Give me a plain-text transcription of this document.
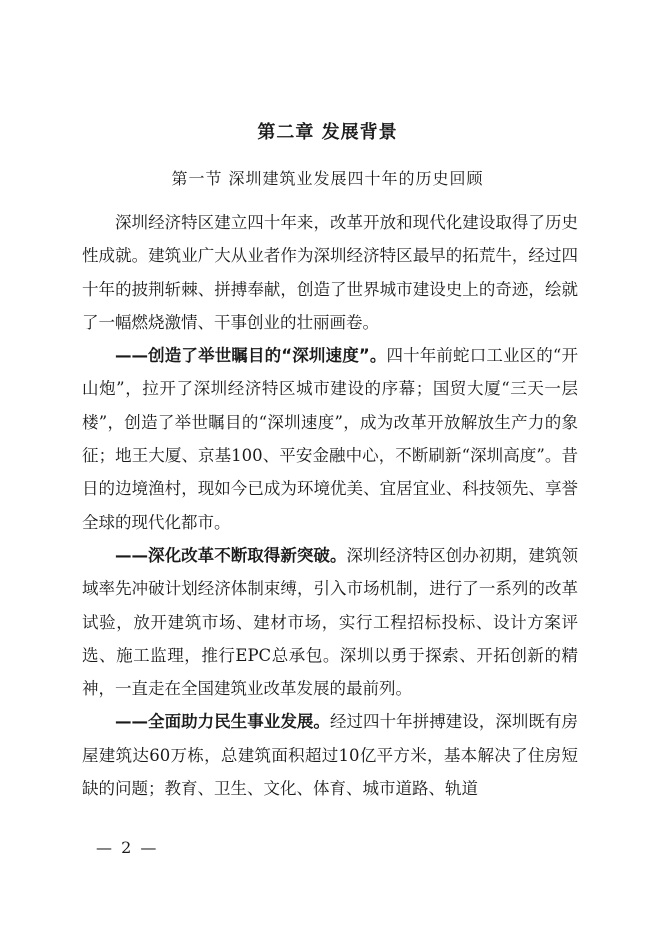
第二章 发展背景
第一节 深圳建筑业发展四十年的历史回顾

深圳经济特区建立四十年来，改革开放和现代化建设取得了历史性成就。建筑业广大从业者作为深圳经济特区最早的拓荒牛，经过四十年的披荆斩棘、拼搏奉献，创造了世界城市建设史上的奇迹，绘就了一幅燃烧激情、干事创业的壮丽画卷。

——创造了举世瞩目的“深圳速度”。四十年前蛇口工业区的“开山炮”，拉开了深圳经济特区城市建设的序幕；国贸大厦“三天一层楼”，创造了举世瞩目的“深圳速度”，成为改革开放解放生产力的象征；地王大厦、京基100、平安金融中心，不断刷新“深圳高度”。昔日的边境渔村，现如今已成为环境优美、宜居宜业、科技领先、享誉全球的现代化都市。

——深化改革不断取得新突破。深圳经济特区创办初期，建筑领域率先冲破计划经济体制束缚，引入市场机制，进行了一系列的改革试验，放开建筑市场、建材市场，实行工程招标投标、设计方案评选、施工监理，推行EPC总承包。深圳以勇于探索、开拓创新的精神，一直走在全国建筑业改革发展的最前列。

——全面助力民生事业发展。经过四十年拼搏建设，深圳既有房屋建筑达60万栋，总建筑面积超过10亿平方米，基本解决了住房短缺的问题；教育、卫生、文化、体育、城市道路、轨道

— 2 —
